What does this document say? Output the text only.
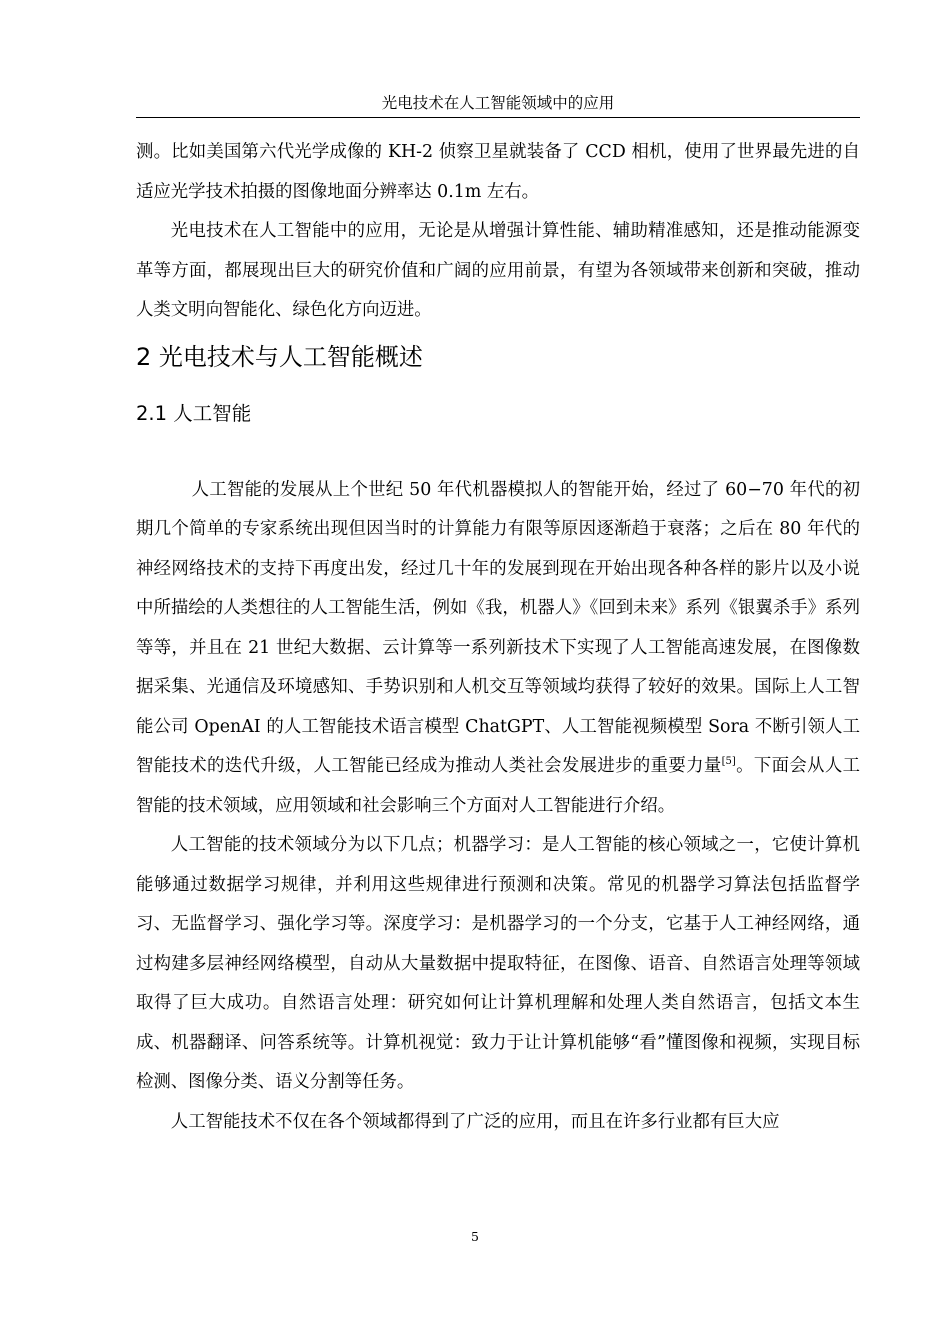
光电技术在人工智能领域中的应用

测。比如美国第六代光学成像的 KH-2 侦察卫星就装备了 CCD 相机，使用了世界最先进的自适应光学技术拍摄的图像地面分辨率达 0.1m 左右。

光电技术在人工智能中的应用，无论是从增强计算性能、辅助精准感知，还是推动能源变革等方面，都展现出巨大的研究价值和广阔的应用前景，有望为各领域带来创新和突破，推动人类文明向智能化、绿色化方向迈进。

2 光电技术与人工智能概述
2.1 人工智能

人工智能的发展从上个世纪 50 年代机器模拟人的智能开始，经过了 60−70 年代的初期几个简单的专家系统出现但因当时的计算能力有限等原因逐渐趋于衰落；之后在 80 年代的神经网络技术的支持下再度出发，经过几十年的发展到现在开始出现各种各样的影片以及小说中所描绘的人类想往的人工智能生活，例如《我，机器人》《回到未来》系列《银翼杀手》系列等等，并且在 21 世纪大数据、云计算等一系列新技术下实现了人工智能高速发展，在图像数据采集、光通信及环境感知、手势识别和人机交互等领域均获得了较好的效果。国际上人工智能公司 OpenAI 的人工智能技术语言模型 ChatGPT、人工智能视频模型 Sora 不断引领人工智能技术的迭代升级，人工智能已经成为推动人类社会发展进步的重要力量[5]。下面会从人工智能的技术领域，应用领域和社会影响三个方面对人工智能进行介绍。

人工智能的技术领域分为以下几点；机器学习：是人工智能的核心领域之一，它使计算机能够通过数据学习规律，并利用这些规律进行预测和决策。常见的机器学习算法包括监督学习、无监督学习、强化学习等。深度学习：是机器学习的一个分支，它基于人工神经网络，通过构建多层神经网络模型，自动从大量数据中提取特征，在图像、语音、自然语言处理等领域取得了巨大成功。自然语言处理：研究如何让计算机理解和处理人类自然语言，包括文本生成、机器翻译、问答系统等。计算机视觉：致力于让计算机能够“看”懂图像和视频，实现目标检测、图像分类、语义分割等任务。

人工智能技术不仅在各个领域都得到了广泛的应用，而且在许多行业都有巨大应

5
